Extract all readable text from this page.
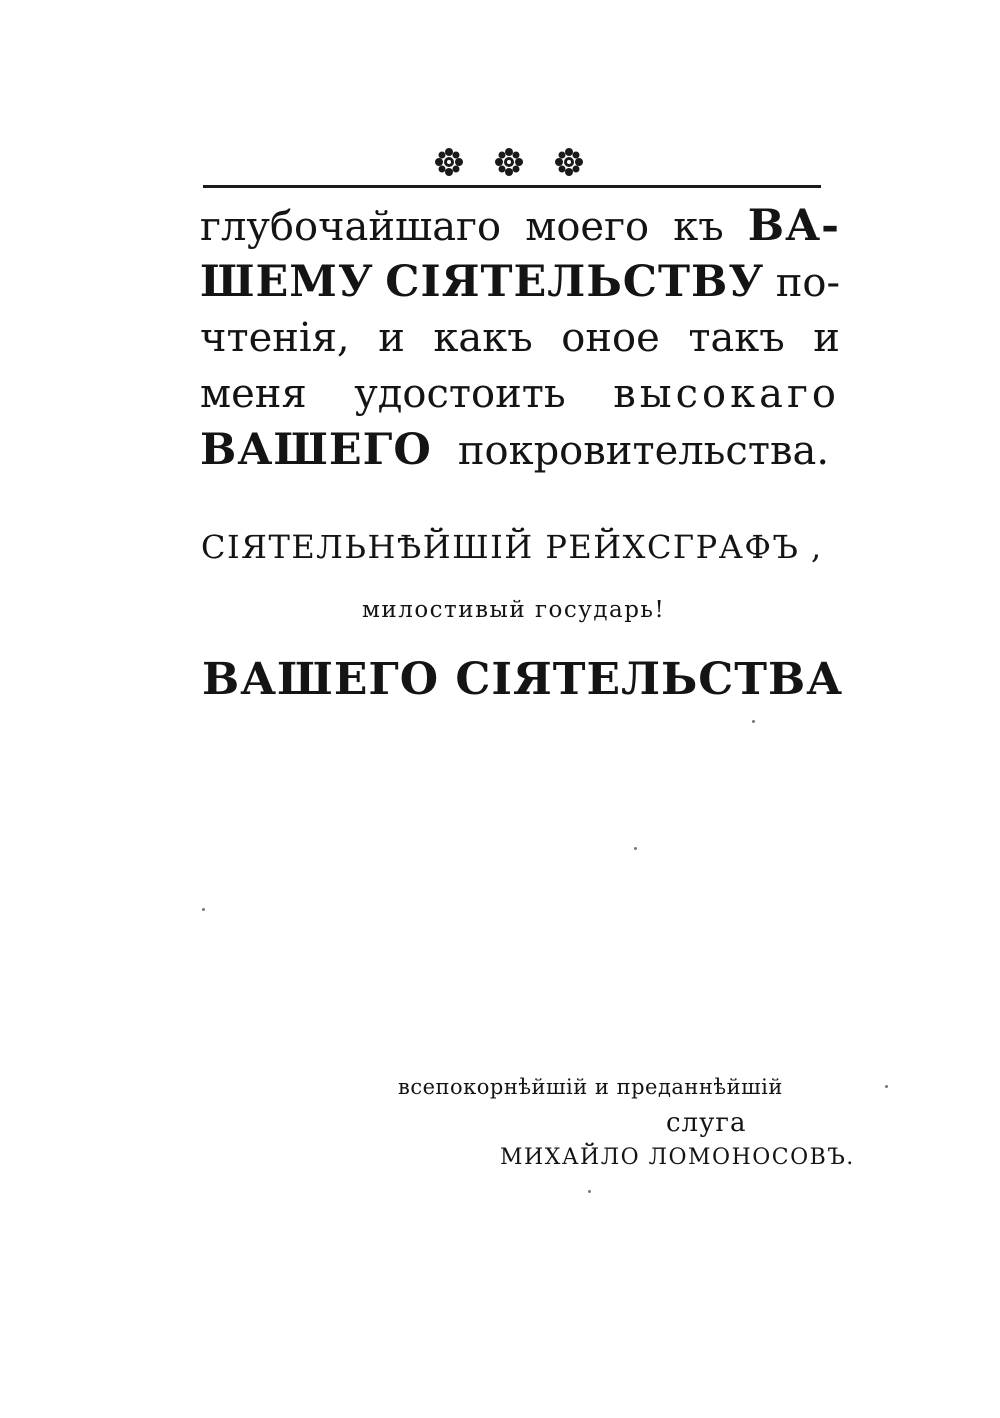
глубочайшаго моего къ ВА-
ШЕМУ СІЯТЕЛЬСТВУ по-
чтенія, и какъ оное такъ и
меня удостоить высокаго
ВАШЕГО покровительства.

СІЯТЕЛЬНѢЙШІЙ РЕЙХСГРАФЪ ,

милостивый государь!

ВАШЕГО СІЯТЕЛЬСТВА

всепокорнѣйшій и преданнѣйшій

слуга

МИХАЙЛО ЛОМОНОСОВЪ.
